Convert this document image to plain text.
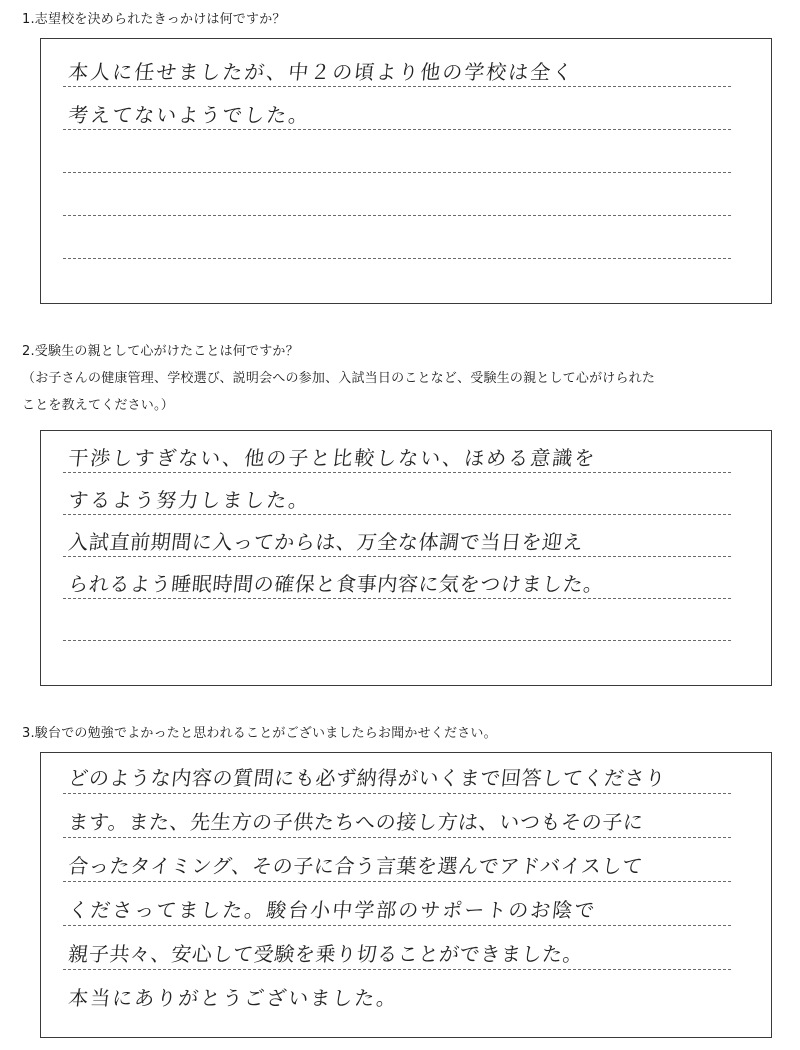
1.志望校を決められたきっかけは何ですか？

本人に任せましたが、中２の頃より他の学校は全く
考えてないようでした。

2.受験生の親として心がけたことは何ですか？

（お子さんの健康管理、学校選び、説明会への参加、入試当日のことなど、受験生の親として心がけられた

ことを教えてください。）

干渉しすぎない、他の子と比較しない、ほめる意識を
するよう努力しました。
入試直前期間に入ってからは、万全な体調で当日を迎え
られるよう睡眠時間の確保と食事内容に気をつけました。

3.駿台での勉強でよかったと思われることがございましたらお聞かせください。

どのような内容の質問にも必ず納得がいくまで回答してくださり
ます。また、先生方の子供たちへの接し方は、いつもその子に
合ったタイミング、その子に合う言葉を選んでアドバイスして
くださってました。駿台小中学部のサポートのお陰で
親子共々、安心して受験を乗り切ることができました。
本当にありがとうございました。
